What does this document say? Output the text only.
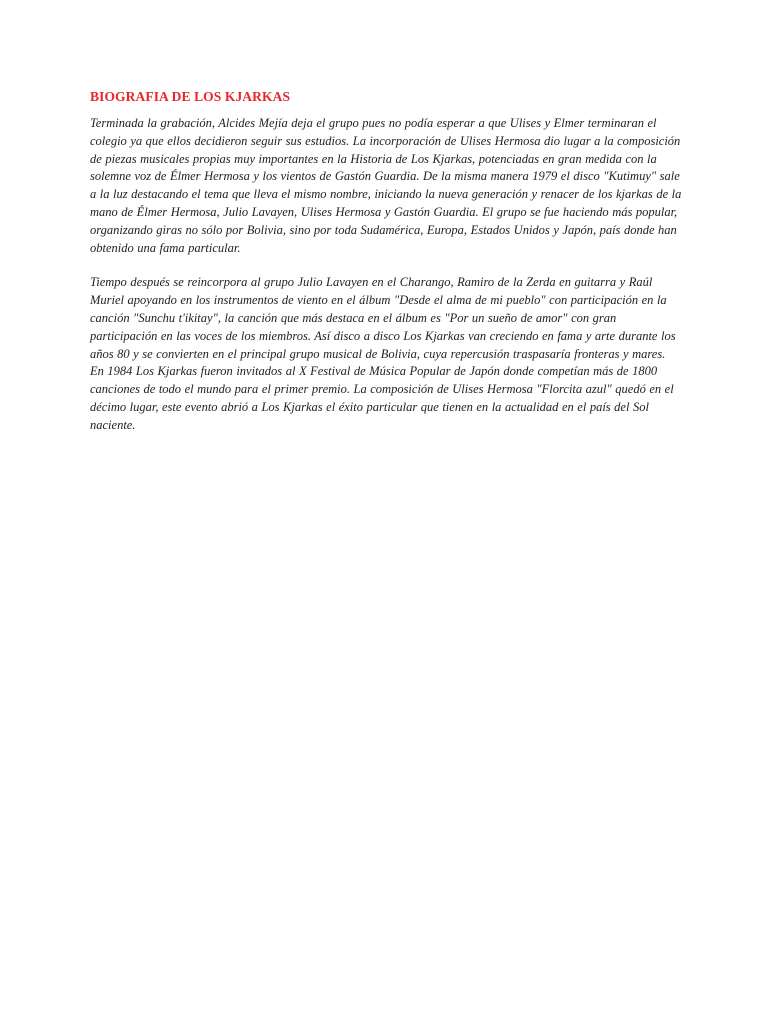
BIOGRAFIA DE LOS KJARKAS

Terminada la grabación, Alcides Mejía deja el grupo pues no podía esperar a que Ulises y Elmer terminaran el colegio ya que ellos decidieron seguir sus estudios. La incorporación de Ulises Hermosa dio lugar a la composición de piezas musicales propias muy importantes en la Historia de Los Kjarkas, potenciadas en gran medida con la solemne voz de Élmer Hermosa y los vientos de Gastón Guardia. De la misma manera 1979 el disco "Kutimuy" sale a la luz destacando el tema que lleva el mismo nombre, iniciando la nueva generación y renacer de los kjarkas de la mano de Élmer Hermosa, Julio Lavayen, Ulises Hermosa y Gastón Guardia. El grupo se fue haciendo más popular, organizando giras no sólo por Bolivia, sino por toda Sudamérica, Europa, Estados Unidos y Japón, país donde han obtenido una fama particular.

Tiempo después se reincorpora al grupo Julio Lavayen en el Charango, Ramiro de la Zerda en guitarra y Raúl Muriel apoyando en los instrumentos de viento en el álbum "Desde el alma de mi pueblo" con participación en la canción "Sunchu t'ikitay", la canción que más destaca en el álbum es "Por un sueño de amor" con gran participación en las voces de los miembros. Así disco a disco Los Kjarkas van creciendo en fama y arte durante los años 80 y se convierten en el principal grupo musical de Bolivia, cuya repercusión traspasaría fronteras y mares. En 1984 Los Kjarkas fueron invitados al X Festival de Música Popular de Japón donde competían más de 1800 canciones de todo el mundo para el primer premio. La composición de Ulises Hermosa "Florcita azul" quedó en el décimo lugar, este evento abrió a Los Kjarkas el éxito particular que tienen en la actualidad en el país del Sol naciente.
